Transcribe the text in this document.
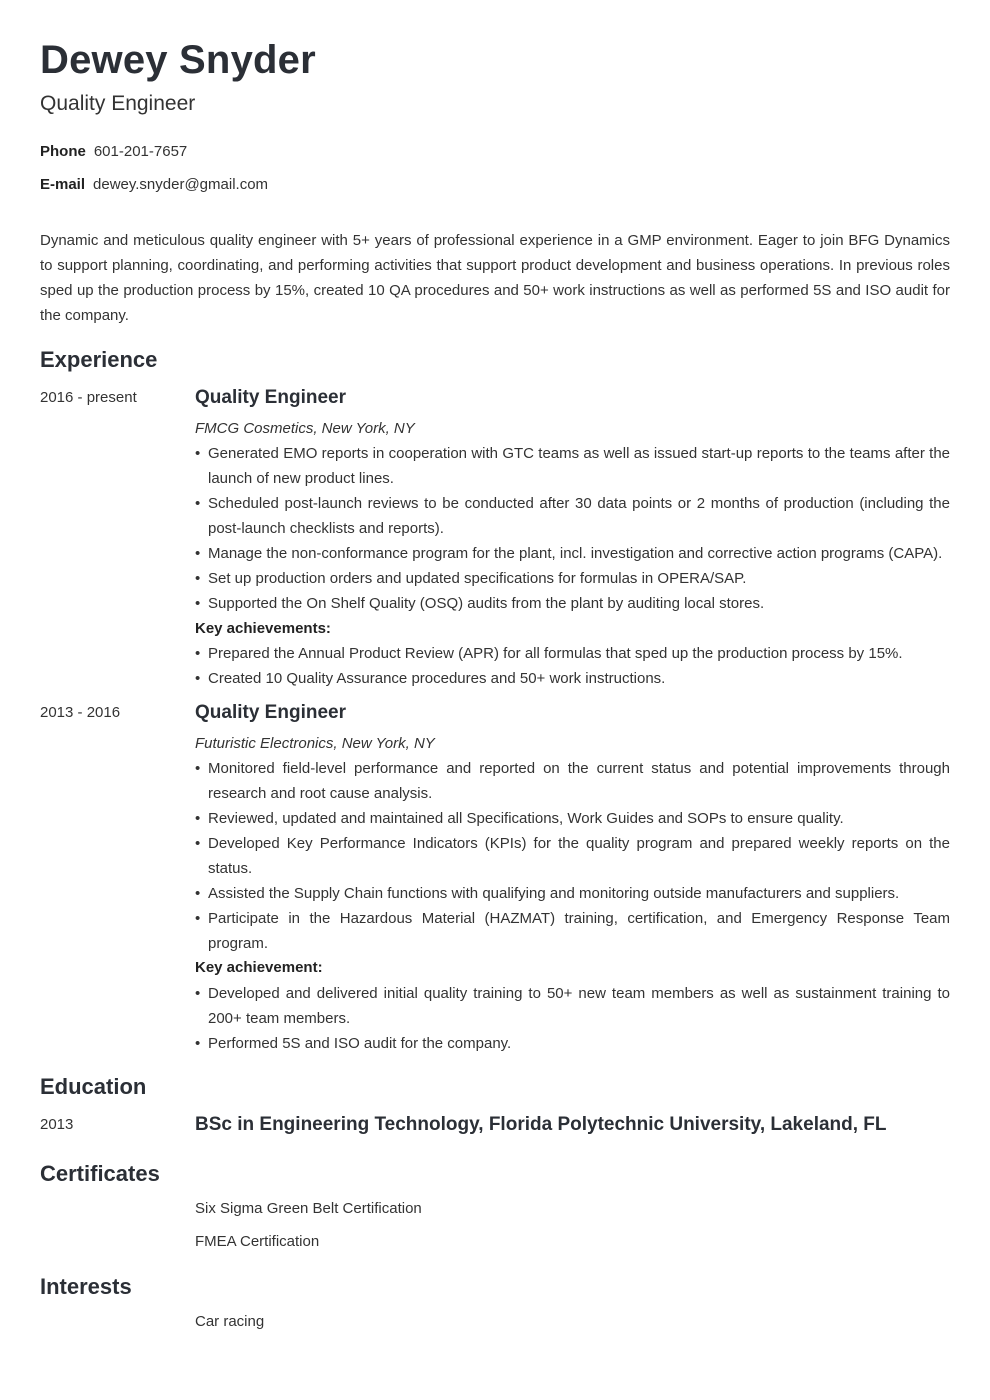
Dewey Snyder
Quality Engineer
Phone 601-201-7657
E-mail dewey.snyder@gmail.com

Dynamic and meticulous quality engineer with 5+ years of professional experience in a GMP environment. Eager to join BFG Dynamics to support planning, coordinating, and performing activities that support product development and business operations. In previous roles sped up the production process by 15%, created 10 QA procedures and 50+ work instructions as well as performed 5S and ISO audit for the company.

Experience
2016 - present	Quality Engineer
FMCG Cosmetics, New York, NY
• Generated EMO reports in cooperation with GTC teams as well as issued start-up reports to the teams after the launch of new product lines.
• Scheduled post-launch reviews to be conducted after 30 data points or 2 months of production (including the post-launch checklists and reports).
• Manage the non-conformance program for the plant, incl. investigation and corrective action programs (CAPA).
• Set up production orders and updated specifications for formulas in OPERA/SAP.
• Supported the On Shelf Quality (OSQ) audits from the plant by auditing local stores.
Key achievements:
• Prepared the Annual Product Review (APR) for all formulas that sped up the production process by 15%.
• Created 10 Quality Assurance procedures and 50+ work instructions.
2013 - 2016	Quality Engineer
Futuristic Electronics, New York, NY
• Monitored field-level performance and reported on the current status and potential improvements through research and root cause analysis.
• Reviewed, updated and maintained all Specifications, Work Guides and SOPs to ensure quality.
• Developed Key Performance Indicators (KPIs) for the quality program and prepared weekly reports on the status.
• Assisted the Supply Chain functions with qualifying and monitoring outside manufacturers and suppliers.
• Participate in the Hazardous Material (HAZMAT) training, certification, and Emergency Response Team program.
Key achievement:
• Developed and delivered initial quality training to 50+ new team members as well as sustainment training to 200+ team members.
• Performed 5S and ISO audit for the company.
Education
2013	BSc in Engineering Technology, Florida Polytechnic University, Lakeland, FL
Certificates
Six Sigma Green Belt Certification
FMEA Certification
Interests
Car racing
